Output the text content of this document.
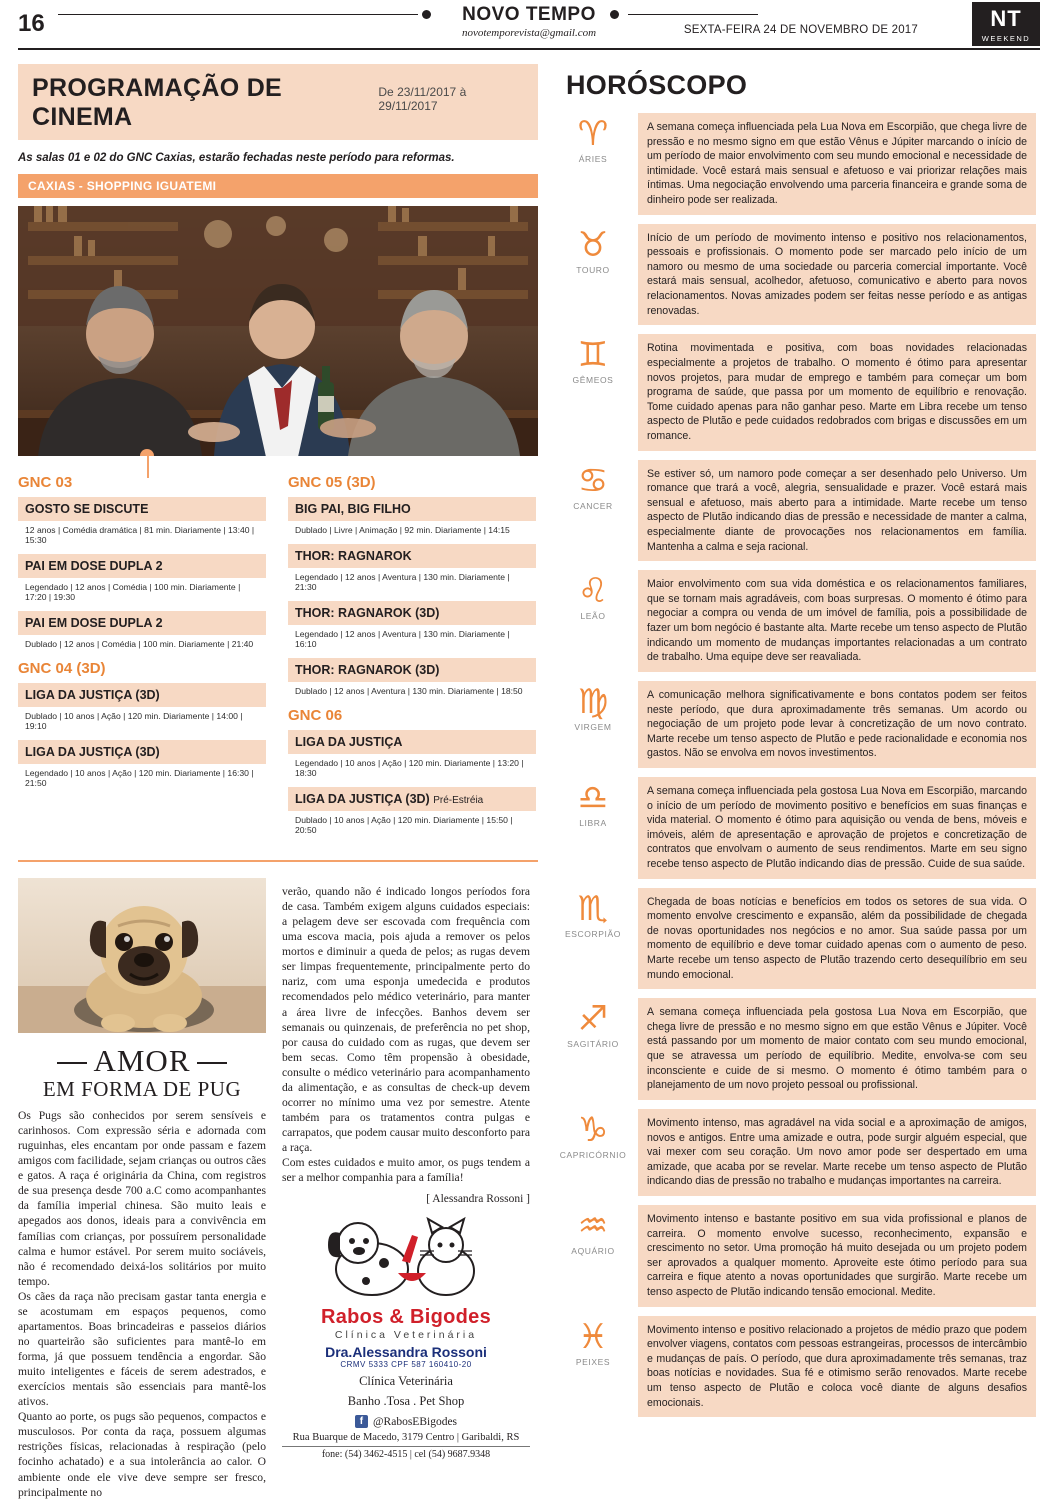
16	NOVO TEMPO
novotemporevista@gmail.com	SEXTA-FEIRA 24 DE NOVEMBRO DE 2017	NT
WEEKEND
PROGRAMAÇÃO DE CINEMA
De 23/11/2017 à 29/11/2017
As salas 01 e 02 do GNC Caxias, estarão fechadas neste período para reformas.
CAXIAS - SHOPPING IGUATEMI
GNC 03
GOSTO SE DISCUTE
12 anos | Comédia dramática | 81 min. Diariamente | 13:40 | 15:30
PAI EM DOSE DUPLA 2
Legendado | 12 anos | Comédia | 100 min. Diariamente | 17:20 | 19:30
PAI EM DOSE DUPLA 2
Dublado | 12 anos | Comédia | 100 min. Diariamente | 21:40
GNC 04 (3D)
LIGA DA JUSTIÇA (3D)
Dublado | 10 anos | Ação | 120 min. Diariamente | 14:00 | 19:10
LIGA DA JUSTIÇA (3D)
Legendado | 10 anos | Ação | 120 min. Diariamente | 16:30 | 21:50
GNC 05 (3D)
BIG PAI, BIG FILHO
Dublado | Livre | Animação | 92 min. Diariamente | 14:15
THOR: RAGNAROK
Legendado | 12 anos | Aventura | 130 min. Diariamente | 21:30
THOR: RAGNAROK (3D)
Legendado | 12 anos | Aventura | 130 min. Diariamente | 16:10
THOR: RAGNAROK (3D)
Dublado | 12 anos | Aventura | 130 min. Diariamente | 18:50
GNC 06
LIGA DA JUSTIÇA
Legendado | 10 anos | Ação | 120 min. Diariamente | 13:20 | 18:30
LIGA DA JUSTIÇA (3D) Pré-Estréia
Dublado | 10 anos | Ação | 120 min. Diariamente | 15:50 | 20:50
AMOR
EM FORMA DE PUG

Os Pugs são conhecidos por serem sensíveis e carinhosos. Com expressão séria e adornada com ruguinhas, eles encantam por onde passam e fazem amigos com facilidade, sejam crianças ou outros cães e gatos. A raça é originária da China, com registros de sua presença desde 700 a.C como acompanhantes da família imperial chinesa. São muito leais e apegados aos donos, ideais para a convivência em famílias com crianças, por possuírem personalidade calma e humor estável. Por serem muito sociáveis, não é recomendado deixá-los solitários por muito tempo.

Os cães da raça não precisam gastar tanta energia e se acostumam em espaços pequenos, como apartamentos. Boas brincadeiras e passeios diários no quarteirão são suficientes para mantê-lo em forma, já que possuem tendência a engordar. São muito inteligentes e fáceis de serem adestrados, e exercícios mentais são essenciais para mantê-los ativos.

Quanto ao porte, os pugs são pequenos, compactos e musculosos. Por conta da raça, possuem algumas restrições físicas, relacionadas à respiração (pelo focinho achatado) e a sua intolerância ao calor. O ambiente onde ele vive deve sempre ser fresco, principalmente no

verão, quando não é indicado longos períodos fora de casa. Também exigem alguns cuidados especiais: a pelagem deve ser escovada com frequência com uma escova macia, pois ajuda a remover os pelos mortos e diminuir a queda de pelos; as rugas devem ser limpas frequentemente, principalmente perto do nariz, com uma esponja umedecida e produtos recomendados pelo médico veterinário, para manter a área livre de infecções. Banhos devem ser semanais ou quinzenais, de preferência no pet shop, por causa do cuidado com as rugas, que devem ser bem secas. Como têm propensão à obesidade, consulte o médico veterinário para acompanhamento da alimentação, e as consultas de check-up devem ocorrer no mínimo uma vez por semestre. Atente também para os tratamentos contra pulgas e carrapatos, que podem causar muito desconforto para a raça.

Com estes cuidados e muito amor, os pugs tendem a ser a melhor companhia para a família!

[ Alessandra Rossoni ]
Rabos & Bigodes
Clínica Veterinária
Dra.Alessandra Rossoni
CRMV 5333 CPF 587 160410-20
Clínica Veterinária
Banho .Tosa . Pet Shop
f @RabosEBigodes
Rua Buarque de Macedo, 3179 Centro | Garibaldi, RS
fone: (54) 3462-4515 | cel (54) 9687.9348
HORÓSCOPO
♈
ÁRIES
A semana começa influenciada pela Lua Nova em Escorpião, que chega livre de pressão e no mesmo signo em que estão Vênus e Júpiter marcando o início de um período de maior envolvimento com seu mundo emocional e necessidade de intimidade. Você estará mais sensual e afetuoso e vai priorizar relações mais íntimas. Uma negociação envolvendo uma parceria financeira e grande soma de dinheiro pode ser realizada.
♉
TOURO
Início de um período de movimento intenso e positivo nos relacionamentos, pessoais e profissionais. O momento pode ser marcado pelo início de um namoro ou mesmo de uma sociedade ou parceria comercial importante. Você estará mais sensual, acolhedor, afetuoso, comunicativo e aberto para novos relacionamentos. Novas amizades podem ser feitas nesse período e as antigas renovadas.
♊
GÊMEOS
Rotina movimentada e positiva, com boas novidades relacionadas especialmente a projetos de trabalho. O momento é ótimo para apresentar novos projetos, para mudar de emprego e também para começar um bom programa de saúde, que passa por um momento de equilíbrio e renovação. Tome cuidado apenas para não ganhar peso. Marte em Libra recebe um tenso aspecto de Plutão e pede cuidados redobrados com brigas e discussões em um romance.
♋
CANCER
Se estiver só, um namoro pode começar a ser desenhado pelo Universo. Um romance que trará a você, alegria, sensualidade e prazer. Você estará mais sensual e afetuoso, mais aberto para a intimidade. Marte recebe um tenso aspecto de Plutão indicando dias de pressão e necessidade de manter a calma, especialmente diante de provocações nos relacionamentos em família. Mantenha a calma e seja racional.
♌
LEÃO
Maior envolvimento com sua vida doméstica e os relacionamentos familiares, que se tornam mais agradáveis, com boas surpresas. O momento é ótimo para negociar a compra ou venda de um imóvel de família, pois a possibilidade de fazer um bom negócio é bastante alta. Marte recebe um tenso aspecto de Plutão indicando um momento de mudanças importantes relacionadas a um contrato de trabalho. Uma equipe deve ser reavaliada.
♍
VIRGEM
A comunicação melhora significativamente e bons contatos podem ser feitos neste período, que dura aproximadamente três semanas. Um acordo ou negociação de um projeto pode levar à concretização de um novo contrato. Marte recebe um tenso aspecto de Plutão e pede racionalidade e economia nos gastos. Não se envolva em novos investimentos.
♎
LIBRA
A semana começa influenciada pela gostosa Lua Nova em Escorpião, marcando o início de um período de movimento positivo e benefícios em suas finanças e vida material. O momento é ótimo para aquisição ou venda de bens, móveis e imóveis, além de apresentação e aprovação de projetos e concretização de contratos que envolvam o aumento de seus rendimentos. Marte em seu signo recebe tenso aspecto de Plutão indicando dias de pressão. Cuide de sua saúde.
♏
ESCORPIÃO
Chegada de boas notícias e benefícios em todos os setores de sua vida. O momento envolve crescimento e expansão, além da possibilidade de chegada de novas oportunidades nos negócios e no amor. Sua saúde passa por um momento de equilíbrio e deve tomar cuidado apenas com o aumento de peso. Marte recebe um tenso aspecto de Plutão trazendo certo desequilíbrio em seu mundo emocional.
♐
SAGITÁRIO
A semana começa influenciada pela gostosa Lua Nova em Escorpião, que chega livre de pressão e no mesmo signo em que estão Vênus e Júpiter. Você está passando por um momento de maior contato com seu mundo emocional, que se atravessa um período de equilíbrio. Medite, envolva-se com seu inconsciente e cuide de si mesmo. O momento é ótimo também para o planejamento de um novo projeto pessoal ou profissional.
♑
CAPRICÓRNIO
Movimento intenso, mas agradável na vida social e a aproximação de amigos, novos e antigos. Entre uma amizade e outra, pode surgir alguém especial, que vai mexer com seu coração. Um novo amor pode ser despertado em uma amizade, que acaba por se revelar. Marte recebe um tenso aspecto de Plutão indicando dias de pressão no trabalho e mudanças importantes na carreira.
♒
AQUÁRIO
Movimento intenso e bastante positivo em sua vida profissional e planos de carreira. O momento envolve sucesso, reconhecimento, expansão e crescimento no setor. Uma promoção há muito desejada ou um projeto podem ser aprovados a qualquer momento. Aproveite este ótimo período para sua carreira e fique atento a novas oportunidades que surgirão. Marte recebe um tenso aspecto de Plutão indicando tensão emocional. Medite.
♓
PEIXES
Movimento intenso e positivo relacionado a projetos de médio prazo que podem envolver viagens, contatos com pessoas estrangeiras, processos de intercâmbio e mudanças de país. O período, que dura aproximadamente três semanas, traz boas notícias e novidades. Sua fé e otimismo serão renovados. Marte recebe um tenso aspecto de Plutão e coloca você diante de alguns desafios emocionais.
